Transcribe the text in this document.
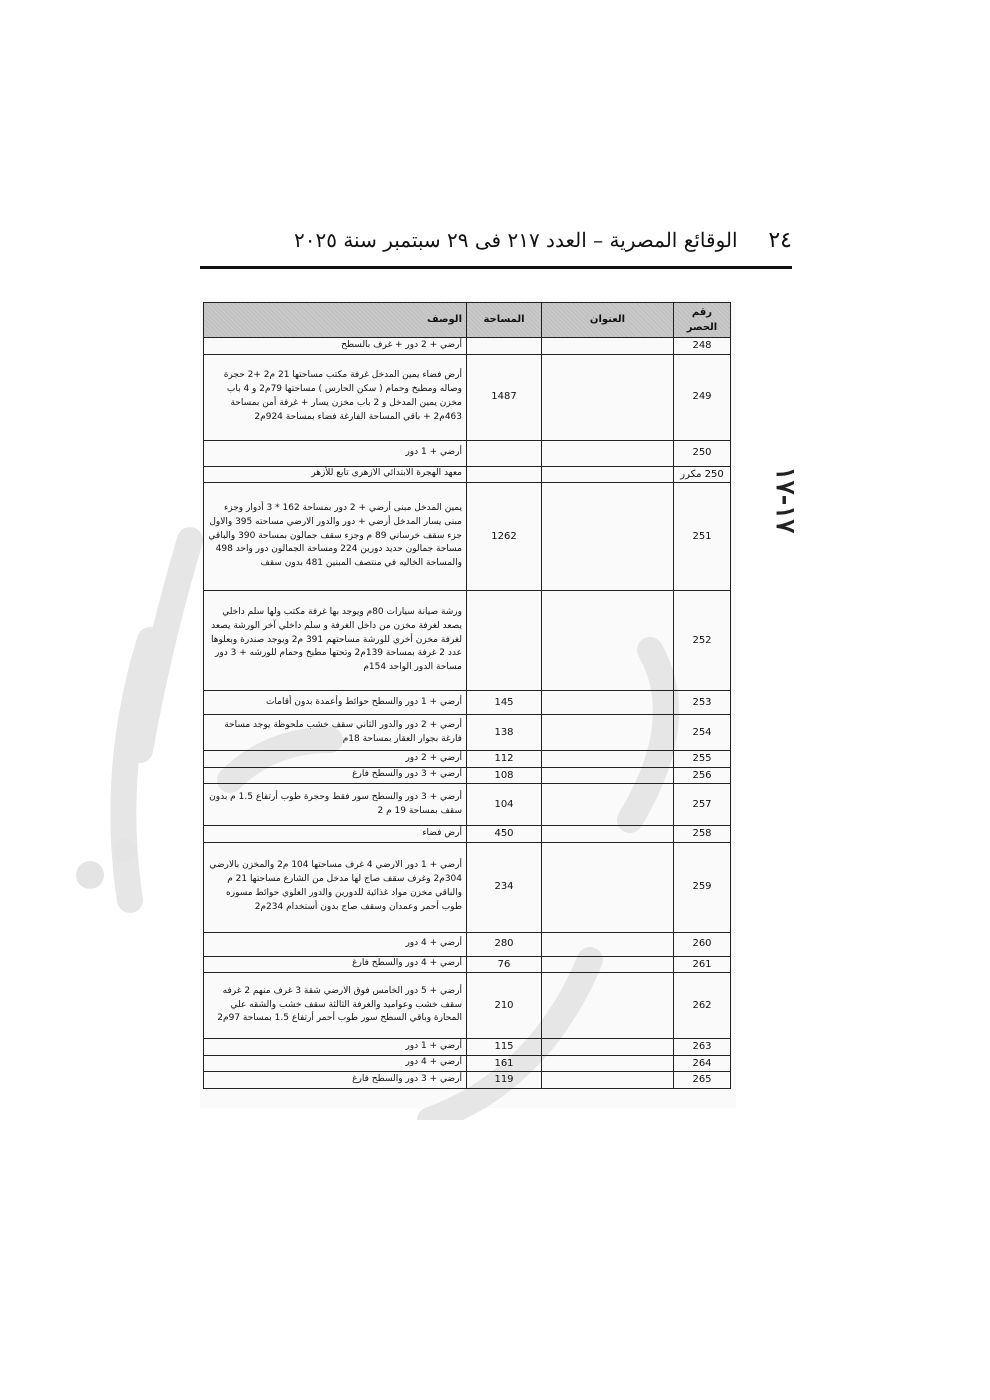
٢٤
الوقائع المصرية – العدد ٢١٧ فى ٢٩ سبتمبر سنة ٢٠٢٥
١٧-١٧
رقم الحصر	العنوان	المساحة	الوصف
248			أرضي + 2 دور + غرف بالسطح
249		1487	أرض فضاء يمين المدخل غرفة مكتب مساحتها 21 م2 +2 حجرة وصاله ومطبخ وحمام ( سكن الحارس ) مساحتها 79م2 و 4 باب مخزن يمين المدخل و 2 باب مخزن يسار + غرفة أمن بمساحة 463م2 + باقي المساحة الفارغة فضاء بمساحة 924م2
250			أرضي + 1 دور
250 مكرر			معهد الهجرة الابتدائي الازهري تابع للأزهر
251		1262	يمين المدخل مبنى أرضي + 2 دور بمساحة 162 * 3 أدوار وجزء مبنى يسار المدخل أرضي + دور والدور الارضي مساحته 395 والاول جزء سقف خرساني 89 م وجزء سقف جمالون بمساحة 390 والباقي مساحة جمالون حديد دورين 224 ومساحة الجمالون دور واحد 498 والمساحة الخاليه في منتصف المبنين 481 بدون سقف
252			ورشة صيانة سيارات 80م ويوجد بها غرفة مكتب ولها سلم داخلي يصعد لغرفة مخزن من داخل الغرفة و سلم داخلي آخر الورشة يصعد لغرفة مخزن أخري للورشة مساحتهم 391 م2 ويوجد صندرة وبعلوها عدد 2 غرفة بمساحة 139م2 وتحتها مطبخ وحمام للورشه + 3 دور مساحة الدور الواحد 154م
253		145	أرضي + 1 دور والسطح حوائط وأعمدة بدون أقامات
254		138	أرضي + 2 دور والدور الثاني سقف خشب ملحوظة يوجد مساحة فارغة بجوار العقار بمساحة 18م
255		112	أرضي + 2 دور
256		108	أرضي + 3 دور والسطح فارغ
257		104	أرضي + 3 دور والسطح سور فقط وحجرة طوب أرتفاع 1.5 م بدون سقف بمساحة 19 م 2
258		450	أرض فضاء
259		234	أرضي + 1 دور الارضي 4 غرف مساحتها 104 م2 والمخزن بالارضي 304م2 وغرف سقف صاج لها مدخل من الشارع مساحتها 21 م والباقي مخزن مواد غذائية للدورين والدور العلوي حوائط مسوره طوب أحمر وعمدان وسقف صاج بدون أستخدام 234م2
260		280	أرضي + 4 دور
261		76	أرضي + 4 دور والسطح فارغ
262		210	أرضي + 5 دور الخامس فوق الارضي شقة 3 غرف منهم 2 غرفه سقف خشب وعواميد والغرفة الثالثة سقف خشب والشقه علي المحارة وباقي السطح سور طوب أحمر أرتفاع 1.5 بمساحة 97م2
263		115	أرضي + 1 دور
264		161	أرضي + 4 دور
265		119	أرضي + 3 دور والسطح فارغ
